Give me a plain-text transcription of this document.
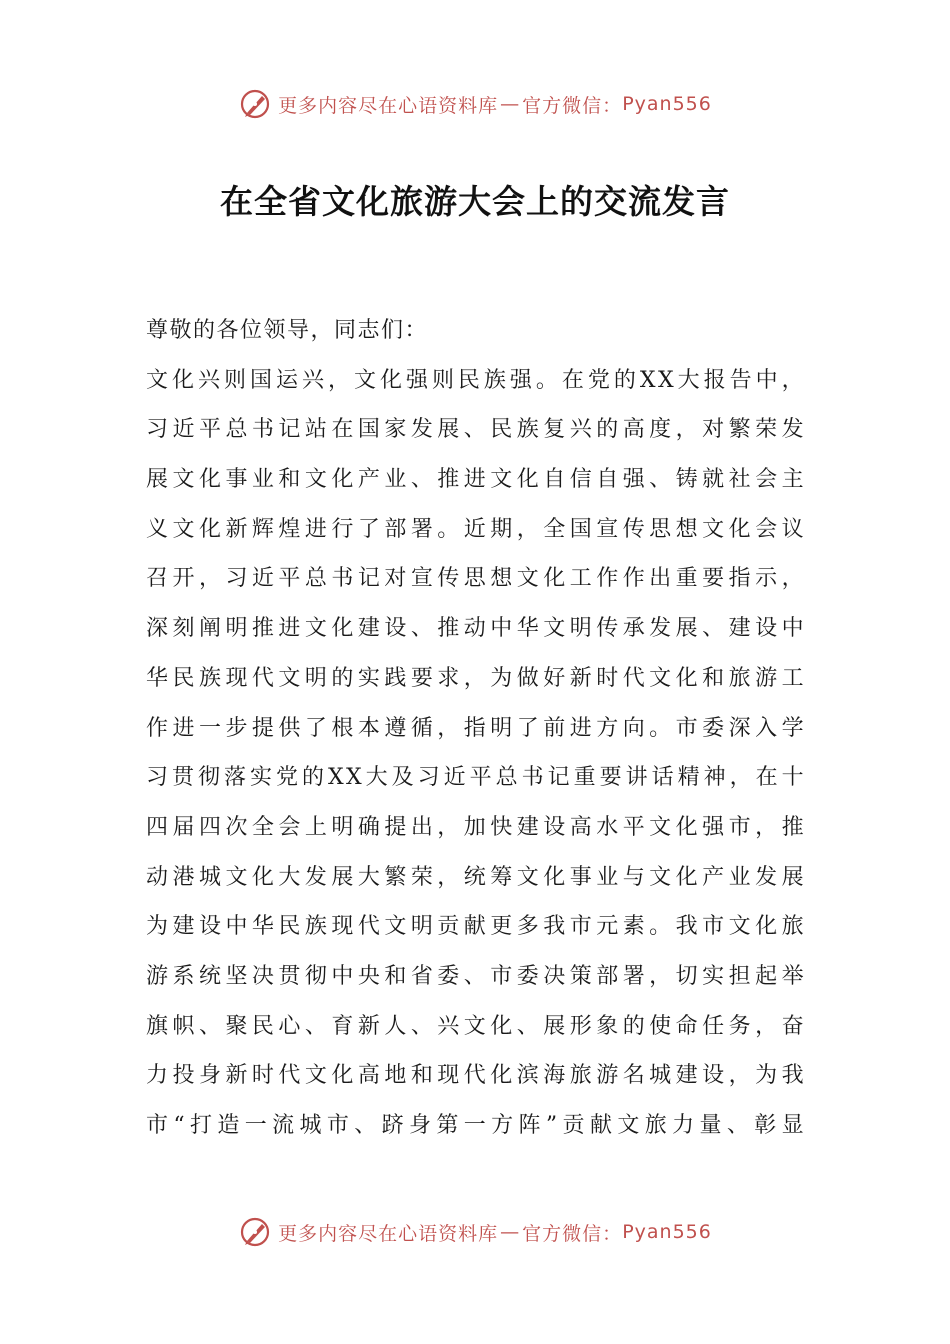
更多内容尽在心语资料库 — 官方微信： Pyan556
在全省文化旅游大会上的交流发言
尊敬的各位领导，同志们：
文化兴则国运兴，文化强则民族强。在党的XX大报告中，
习近平总书记站在国家发展、民族复兴的高度，对繁荣发
展文化事业和文化产业、推进文化自信自强、铸就社会主
义文化新辉煌进行了部署。近期，全国宣传思想文化会议
召开，习近平总书记对宣传思想文化工作作出重要指示，
深刻阐明推进文化建设、推动中华文明传承发展、建设中
华民族现代文明的实践要求，为做好新时代文化和旅游工
作进一步提供了根本遵循，指明了前进方向。市委深入学
习贯彻落实党的XX大及习近平总书记重要讲话精神，在十
四届四次全会上明确提出，加快建设高水平文化强市，推
动港城文化大发展大繁荣，统筹文化事业与文化产业发展
为建设中华民族现代文明贡献更多我市元素。我市文化旅
游系统坚决贯彻中央和省委、市委决策部署，切实担起举
旗帜、聚民心、育新人、兴文化、展形象的使命任务，奋
力投身新时代文化高地和现代化滨海旅游名城建设，为我
市“打造一流城市、跻身第一方阵”贡献文旅力量、彰显
更多内容尽在心语资料库 — 官方微信： Pyan556
